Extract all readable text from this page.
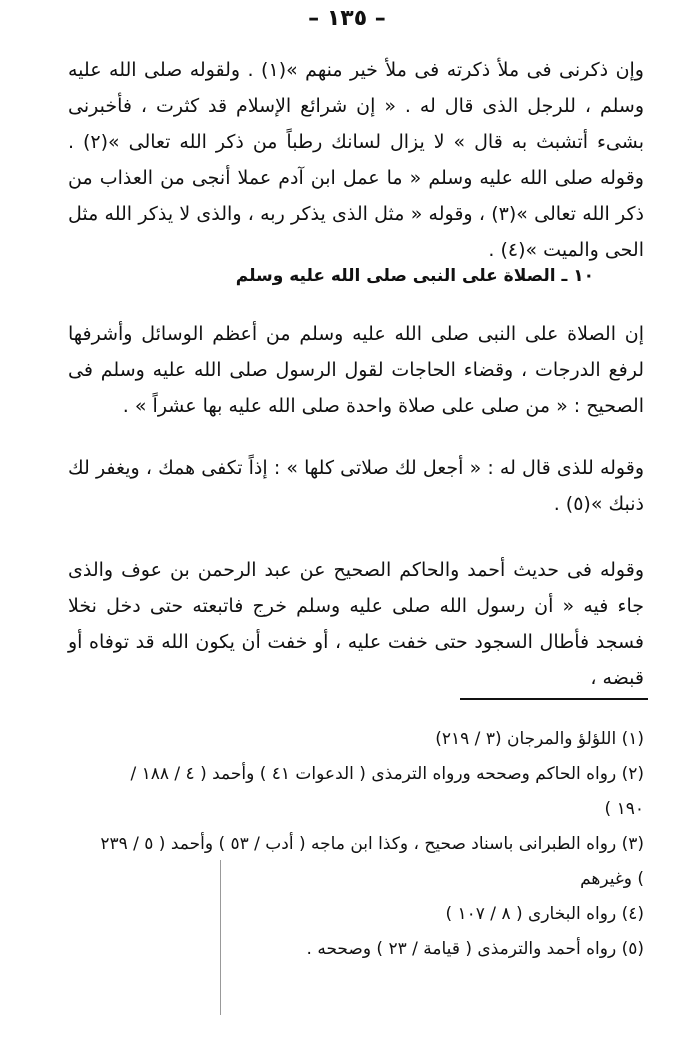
– ١٣٥ –

وإن ذكرنى فى ملأ ذكرته فى ملأ خير منهم »(١) . ولقوله صلى الله عليه وسلم ، للرجل الذى قال له . « إن شرائع الإسلام قد كثرت ، فأخبرنى بشىء أتشبث به قال » لا يزال لسانك رطباً من ذكر الله تعالى »(٢) . وقوله صلى الله عليه وسلم « ما عمل ابن آدم عملا أنجى من العذاب من ذكر الله تعالى »(٣) ، وقوله « مثل الذى يذكر ربه ، والذى لا يذكر الله مثل الحى والميت »(٤) .

١٠ ـ الصلاة على النبى صلى الله عليه وسلم

إن الصلاة على النبى صلى الله عليه وسلم من أعظم الوسائل وأشرفها لرفع الدرجات ، وقضاء الحاجات لقول الرسول صلى الله عليه وسلم فى الصحيح : « من صلى على صلاة واحدة صلى الله عليه بها عشراً » .

وقوله للذى قال له : « أجعل لك صلاتى كلها » : إذاً تكفى همك ، ويغفر لك ذنبك »(٥) .

وقوله فى حديث أحمد والحاكم الصحيح عن عبد الرحمن بن عوف والذى جاء فيه « أن رسول الله صلى عليه وسلم خرج فاتبعته حتى دخل نخلا فسجد فأطال السجود حتى خفت عليه ، أو خفت أن يكون الله قد توفاه أو قبضه ،

(١) اللؤلؤ والمرجان (٣ / ٢١٩)

(٢) رواه الحاكم وصححه ورواه الترمذى ( الدعوات ٤١ ) وأحمد ( ٤ / ١٨٨ / ١٩٠ )

(٣) رواه الطبرانى باسناد صحيح ، وكذا ابن ماجه ( أدب / ٥٣ ) وأحمد ( ٥ / ٢٣٩ ) وغيرهم

(٤) رواه البخارى ( ٨ / ١٠٧ )

(٥) رواه أحمد والترمذى ( قيامة / ٢٣ ) وصححه .
